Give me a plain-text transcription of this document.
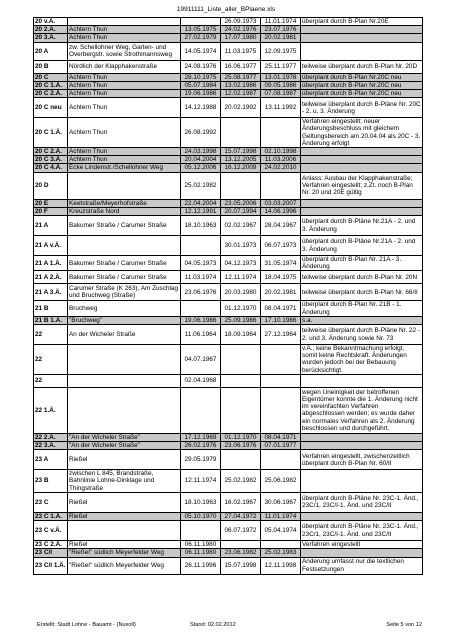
19911111_Liste_aller_BPlaene.xls
20 v.Ä.			26.09.1973	11.01.1974	überplant durch B-Plan Nr.20E
20 2.Ä.	Achtern Thun	13.05.1975	24.02.1976	23.07.1976	
20 3.Ä.	Achtern Thun	27.02.1979	17.07.1980	20.02.1981	
20 A	zw. Schellohner Weg, Garten- und Overbergstr. sowie Strothmannsweg	14.05.1974	11.03.1975	12.09.1975	
20 B	Nördlich der Klapphakenstraße	24.08.1976	16.06.1977	25.11.1977	teilweise überplant durch B-Plan Nr. 20D
20 C	Achtern Thun	28.10.1975	25.08.1977	13.01.1978	überplant durch B-Plan Nr.20C neu
20 C 1.Ä.	Achtern Thun	05.07.1984	13.02.1986	09.05.1986	überplant durch B-Plan Nr.20C neu
20 C 2.Ä.	Achtern Thun	19.06.1986	12.02.1987	07.08.1987	überplant durch B-Plan Nr.20C neu
20 C neu	Achtern Thun	14.12.1988	20.02.1992	13.11.1992	teilweise überplant durch B-Pläne Nr. 20C - 2. u. 3. Änderung
20 C 1.Ä.	Achtern Thun	26.08.1992			Verfahren eingestellt; neuer Änderungsbeschluss mit gleichem Geltungsbereich am 20.04.04 als 20C - 3. Änderung erfolgt
20 C 2.Ä.	Achtern Thun	24.03.1998	15.07.1998	02.10.1998	
20 C 3.Ä.	Achtern Thun	20.04.2004	13.12.2005	11.03.2006	
20 C 4.Ä.	Ecke Lindenstr./Schellohner Weg	05.12.2006	16.12.2009	24.02.2010	
20 D		25.02.1982			Anlass: Ausbau der Klapphakenstraße; Verfahren eingestellt; z.Zt. noch B-Plan Nr. 20 und 20E gültig
20 E	Keetstraße/Meyerhofstraße	22.04.2004	23.05.2006	03.03.2007	
20 F	Kreuzstraße Nord	12.12.1991	20.07.1994	14.06.1996	
21 A	Bakumer Straße / Carumer Straße	18.10.1963	02.02.1967	28.04.1967	überplant durch B-Pläne Nr.21A - 2. und 3. Änderung
21 A v.Ä.			30.01.1973	06.07.1973	überplant durch B-Pläne Nr.21A - 2. und 3. Änderung
21 A 1.Ä.	Bakumer Straße / Carumer Straße	04.05.1973	04.12.1973	31.05.1974	überplant durch B-Plan Nr. 21A - 3. Änderung
21 A 2.Ä.	Bakumer Straße / Carumer Straße	11.03.1974	12.11.1974	18.04.1975	teilweise überplant durch B-Plan Nr. 20N
21 A 3.Ä.	Carumer Straße (K 263), Am Zuschlag und Bruchweg (Straße)	23.06.1976	20.03.1980	20.02.1981	teilweise überplant durch B-Plan Nr. 66/II
21 B	Bruchweg		01.12.1970	08.04.1971	überplant durch B-Plan Nr. 21B - 1. Änderung
21 B 1.Ä.	"Bruchweg"	19.06.1986	25.09.1986	17.10.1986	s.a.
22	An der Wicheler Straße	11.06.1964	18.09.1964	27.12.1964	teilweise überplant durch B-Pläne Nr. 22 - 2. und 3. Änderung sowie Nr. 73
22		04.07.1967			v.Ä.; keine Bekanntmachung erfolgt, somit keine Rechtskraft. Änderungen wurden jedoch bei der Bebauung berücksichtigt.
22		02.04.1968			
22 1.Ä.					wegen Uneinigkeit der betroffenen Eigentümer konnte die 1. Änderung nicht im vereinfachten Verfahren abgeschlossen werden; es wurde daher ein normales Verfahren als 2. Änderung beschlossen und durchgeführt.
22 2.Ä.	"An der Wicheler Straße"	17.12.1969	01.12.1970	08.04.1971	
22 3.Ä.	"An der Wicheler Straße"	26.02.1976	23.06.1976	07.01.1977	
23 A	Rießel	29.05.1979			Verfahren eingestellt, zwischenzeitlich überplant durch B-Plan Nr. 60/II
23 B	zwischen L 845, Brandstraße, Bahnlinie Lohne-Dinklage und Thingstraße	12.11.1974	25.02.1982	25.06.1982	
23 C	Rießel	18.10.1963	16.02.1967	30.06.1967	überplant durch B-Pläne Nr. 23C-1. Änd., 23C/1, 23C/I-1. Änd. und 23C/II
23 C 1.Ä.	Rießel	05.10.1970	27.04.1972	11.01.1974	
23 C v.Ä.			06.07.1972	05.04.1974	überplant durch B-Pläne Nr. 23C-1. Änd., 23C/1, 23C/I-1. Änd. und 23C/II
23 C 2.Ä.	Rießel	06.11.1980			Verfahren eingestellt
23 C/I	"Rießel" südlich Meyerfelder Weg	06.11.1980	23.06.1982	25.02.1983	
23 C/I 1.Ä.	"Rießel" südlich Meyerfelder Weg	26.11.1996	15.07.1998	12.11.1998	Änderung umfasst nur die textlichen Festsetzungen
Erstellt: Stadt Lohne - Bauamt - (Nuxoll)	Stand: 02.02.2012	Seite 5 von 12
